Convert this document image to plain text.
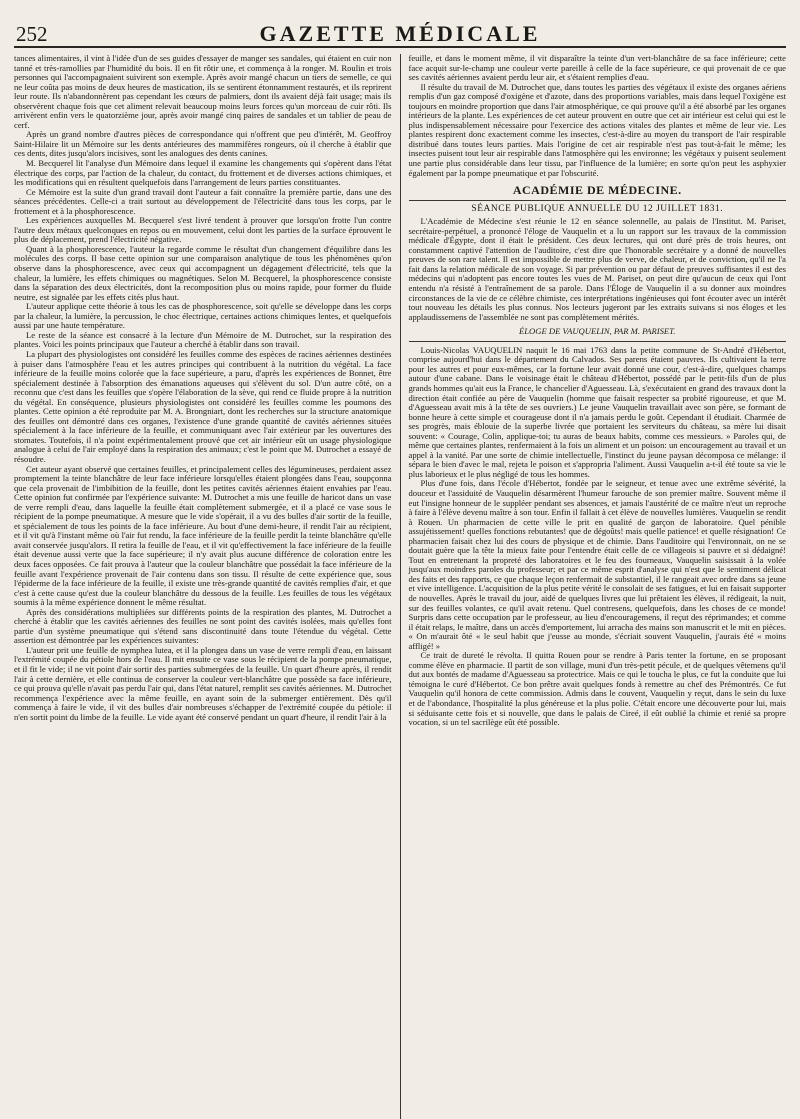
252	GAZETTE MÉDICALE

tances alimentaires, il vint à l'idée d'un de ses guides d'essayer de manger ses sandales, qui étaient en cuir non tanné et très-ramollies par l'humidité du bois. Il en fit rôtir une, et commença à la ronger. M. Roulin et trois personnes qui l'accompagnaient suivirent son exemple. Après avoir mangé chacun un tiers de semelle, ce qui ne leur coûta pas moins de deux heures de mastication, ils se sentirent étonnamment restaurés, et ils reprirent leur route. Ils n'abandonnèrent pas cependant les cœurs de palmiers, dont ils avaient déjà fait usage; mais ils observèrent chaque fois que cet aliment relevait beaucoup moins leurs forces qu'un morceau de cuir rôti. Ils arrivèrent enfin vers le quatorzième jour, après avoir mangé cinq paires de sandales et un tablier de peau de cerf.

Après un grand nombre d'autres pièces de correspondance qui n'offrent que peu d'intérêt, M. Geoffroy Saint-Hilaire lit un Mémoire sur les dents antérieures des mammifères rongeurs, où il cherche à établir que ces dents, dites jusqu'alors incisives, sont les analogues des dents canines.

M. Becquerel lit l'analyse d'un Mémoire dans lequel il examine les changements qui s'opèrent dans l'état électrique des corps, par l'action de la chaleur, du contact, du frottement et de diverses actions chimiques, et les modifications qui en résultent quelquefois dans l'arrangement de leurs parties constituantes.

Ce Mémoire est la suite d'un grand travail dont l'auteur a fait connaître la première partie, dans une des séances précédentes. Celle-ci a trait surtout au développement de l'électricité dans tous les corps, par le frottement et à la phosphorescence.

Les expériences auxquelles M. Becquerel s'est livré tendent à prouver que lorsqu'on frotte l'un contre l'autre deux métaux quelconques en repos ou en mouvement, celui dont les parties de la surface éprouvent le plus de déplacement, prend l'électricité négative.

Quant à la phosphorescence, l'auteur la regarde comme le résultat d'un changement d'équilibre dans les molécules des corps. Il base cette opinion sur une comparaison analytique de tous les phénomènes qu'on observe dans la phosphorescence, avec ceux qui accompagnent un dégagement d'électricité, tels que la chaleur, la lumière, les effets chimiques ou magnétiques. Selon M. Becquerel, la phosphorescence consiste dans la séparation des deux électricités, dont la recomposition plus ou moins rapide, pour former du fluide neutre, est signalée par les effets cités plus haut.

L'auteur applique cette théorie à tous les cas de phosphorescence, soit qu'elle se développe dans les corps par la chaleur, la lumière, la percussion, le choc électrique, certaines actions chimiques lentes, et quelquefois aussi par une haute température.

Le reste de la séance est consacré à la lecture d'un Mémoire de M. Dutrochet, sur la respiration des plantes. Voici les points principaux que l'auteur a cherché à établir dans son travail.

La plupart des physiologistes ont considéré les feuilles comme des espèces de racines aériennes destinées à puiser dans l'atmosphère l'eau et les autres principes qui contribuent à la nutrition du végétal. La face inférieure de la feuille moins colorée que la face supérieure, a paru, d'après les expériences de Bonnet, être spécialement destinée à l'absorption des émanations aqueuses qui s'élèvent du sol. D'un autre côté, on a reconnu que c'est dans les feuilles que s'opère l'élaboration de la sève, qui rend ce fluide propre à la nutrition du végétal. En conséquence, plusieurs physiologistes ont considéré les feuilles comme les poumons des plantes. Cette opinion a été reproduite par M. A. Brongniart, dont les recherches sur la structure anatomique des feuilles ont démontré dans ces organes, l'existence d'une grande quantité de cavités aériennes situées spécialement à la face inférieure de la feuille, et communiquant avec l'air extérieur par les ouvertures des stomates. Toutefois, il n'a point expérimentalement prouvé que cet air intérieur eût un usage physiologique analogue à celui de l'air employé dans la respiration des animaux; c'est le point que M. Dutrochet a essayé de résoudre.

Cet auteur ayant observé que certaines feuilles, et principalement celles des légumineuses, perdaient assez promptement la teinte blanchâtre de leur face inférieure lorsqu'elles étaient plongées dans l'eau, soupçonna que cela provenait de l'imbibition de la feuille, dont les petites cavités aériennes étaient envahies par l'eau. Cette opinion fut confirmée par l'expérience suivante: M. Dutrochet a mis une feuille de haricot dans un vase de verre rempli d'eau, dans laquelle la feuille était complètement submergée, et il a placé ce vase sous le récipient de la pompe pneumatique. A mesure que le vide s'opérait, il a vu des bulles d'air sortir de la feuille, et spécialement de tous les points de la face inférieure. Au bout d'une demi-heure, il rendit l'air au récipient, et il vit qu'à l'instant même où l'air fut rendu, la face inférieure de la feuille perdit la teinte blanchâtre qu'elle avait conservée jusqu'alors. Il retira la feuille de l'eau, et il vit qu'effectivement la face inférieure de la feuille était devenue aussi verte que la face supérieure; il n'y avait plus aucune différence de coloration entre les deux faces opposées. Ce fait prouva à l'auteur que la couleur blanchâtre que possédait la face inférieure de la feuille avant l'expérience provenait de l'air contenu dans son tissu. Il résulte de cette expérience que, sous l'épiderme de la face inférieure de la feuille, il existe une très-grande quantité de cavités remplies d'air, et que c'est à cette cause qu'est due la couleur blanchâtre du dessous de la feuille. Les feuilles de tous les végétaux soumis à la même expérience donnent le même résultat.

Après des considérations multipliées sur différents points de la respiration des plantes, M. Dutrochet a cherché à établir que les cavités aériennes des feuilles ne sont point des cavités isolées, mais qu'elles font partie d'un système pneumatique qui s'étend sans discontinuité dans toute l'étendue du végétal. Cette assertion est démontrée par les expériences suivantes:

L'auteur prit une feuille de nymphea lutea, et il la plongea dans un vase de verre rempli d'eau, en laissant l'extrémité coupée du pétiole hors de l'eau. Il mit ensuite ce vase sous le récipient de la pompe pneumatique, et il fit le vide; il ne vit point d'air sortir des parties submergées de la feuille. Un quart d'heure après, il rendit l'air à cette dernière, et elle continua de conserver la couleur vert-blanchâtre que possède sa face inférieure, ce qui prouva qu'elle n'avait pas perdu l'air qui, dans l'état naturel, remplit ses cavités aériennes. M. Dutrochet recommença l'expérience avec la même feuille, en ayant soin de la submerger entièrement. Dès qu'il commença à faire le vide, il vit des bulles d'air nombreuses s'échapper de l'extrémité coupée du pétiole: il n'en sortit point du limbe de la feuille. Le vide ayant été conservé pendant un quart d'heure, il rendit l'air à la

feuille, et dans le moment même, il vit disparaître la teinte d'un vert-blanchâtre de sa face inférieure; cette face acquit sur-le-champ une couleur verte pareille à celle de la face supérieure, ce qui provenait de ce que ses cavités aériennes avaient perdu leur air, et s'étaient remplies d'eau.

Il résulte du travail de M. Dutrochet que, dans toutes les parties des végétaux il existe des organes aériens remplis d'un gaz composé d'oxigène et d'azote, dans des proportions variables, mais dans lequel l'oxigène est toujours en moindre proportion que dans l'air atmosphérique, ce qui prouve qu'il a été absorbé par les organes intérieurs de la plante. Les expériences de cet auteur prouvent en outre que cet air intérieur est celui qui est le plus indispensablement nécessaire pour l'exercice des actions vitales des plantes et même de leur vie. Les plantes respirent donc exactement comme les insectes, c'est-à-dire au moyen du transport de l'air respirable distribué dans toutes leurs parties. Mais l'origine de cet air respirable n'est pas tout-à-fait le même; les insectes puisent tout leur air respirable dans l'atmosphère qui les environne; les végétaux y puisent seulement une partie plus considérable dans leur tissu, par l'influence de la lumière; en sorte qu'on peut les asphyxier également par la pompe pneumatique et par l'obscurité.

ACADÉMIE DE MÉDECINE.
SÉANCE PUBLIQUE ANNUELLE DU 12 JUILLET 1831.

L'Académie de Médecine s'est réunie le 12 en séance solennelle, au palais de l'Institut. M. Pariset, secrétaire-perpétuel, a prononcé l'éloge de Vauquelin et a lu un rapport sur les travaux de la commission médicale d'Égypte, dont il était le président. Ces deux lectures, qui ont duré près de trois heures, ont constamment captivé l'attention de l'auditoire, c'est dire que l'honorable secrétaire y a donné de nouvelles preuves de son rare talent. Il est impossible de mettre plus de verve, de chaleur, et de conviction, qu'il ne l'a fait dans la relation médicale de son voyage. Si par prévention ou par défaut de preuves suffisantes il est des médecins qui n'adoptent pas encore toutes les vues de M. Pariset, on peut dire qu'aucun de ceux qui l'ont entendu n'a résisté à l'entraînement de sa parole. Dans l'Éloge de Vauquelin il a su donner aux moindres circonstances de la vie de ce célèbre chimiste, ces interprétations ingénieuses qui font écouter avec un intérêt tout nouveau les détails les plus connus. Nos lecteurs jugeront par les extraits suivans si nos éloges et les applaudissemens de l'assemblée ne sont pas complètement mérités.

ÉLOGE DE VAUQUELIN, PAR M. PARISET.

Louis-Nicolas VAUQUELIN naquit le 16 mai 1763 dans la petite commune de St-André d'Hébertot, comprise aujourd'hui dans le département du Calvados. Ses parens étaient pauvres. Ils cultivaient la terre pour les autres et pour eux-mêmes, car la fortune leur avait donné une cour, c'est-à-dire, quelques champs autour d'une cabane. Dans le voisinage était le château d'Hébertot, possédé par le petit-fils d'un de plus grands hommes qu'ait eus la France, le chancelier d'Aguesseau. Là, s'exécutaient en grand des travaux dont la direction était confiée au père de Vauquelin (homme que faisait respecter sa probité rigoureuse, et que M. d'Aguesseau avait mis à la tête de ses ouvriers.) Le jeune Vauquelin travaillait avec son père, se formant de bonne heure à cette simple et courageuse dont il n'a jamais perdu le goût. Cependant il étudiait. Charmée de ses progrès, mais éblouie de la superbe livrée que portaient les serviteurs du château, sa mère lui disait souvent: « Courage, Colin, applique-toi; tu auras de beaux habits, comme ces messieurs. » Paroles qui, de même que certaines plantes, renfermaient à la fois un aliment et un poison: un encouragement au travail et un appel à la vanité. Par une sorte de chimie intellectuelle, l'instinct du jeune paysan décomposa ce mélange: il sépara le bien d'avec le mal, rejeta le poison et s'appropria l'aliment. Aussi Vauquelin a-t-il été toute sa vie le plus laborieux et le plus négligé de tous les hommes.

Plus d'une fois, dans l'école d'Hébertot, fondée par le seigneur, et tenue avec une extrême sévérité, la douceur et l'assiduité de Vauquelin désarmèrent l'humeur farouche de son premier maître. Souvent même il eut l'insigne honneur de le suppléer pendant ses absences, et jamais l'austérité de ce maître n'eut un reproche à faire à l'élève devenu maître à son tour. Enfin il fallait à cet élève de nouvelles lumières. Vauquelin se rendit à Rouen. Un pharmacien de cette ville le prit en qualité de garçon de laboratoire. Quel pénible assujétissement! quelles fonctions rebutantes! que de dégoûts! mais quelle patience! et quelle résignation! Ce pharmacien faisait chez lui des cours de physique et de chimie. Dans l'auditoire qui l'environnait, on ne se doutait guère que la tête la mieux faite pour l'entendre était celle de ce villageois si pauvre et si dédaigné! Tout en entretenant la propreté des laboratoires et le feu des fourneaux, Vauquelin saisissait à la volée jusqu'aux moindres paroles du professeur; et par ce même esprit d'analyse qui n'est que le sentiment délicat des faits et des rapports, ce que chaque leçon renfermait de substantiel, il le rangeait avec ordre dans sa jeune et vive intelligence. L'acquisition de la plus petite vérité le consolait de ses fatigues, et lui en faisait supporter de nouvelles. Après le travail du jour, aidé de quelques livres que lui prêtaient les élèves, il rédigeait, la nuit, sur des feuilles volantes, ce qu'il avait retenu. Quel contresens, quelquefois, dans les choses de ce monde! Surpris dans cette occupation par le professeur, au lieu d'encouragemens, il reçut des réprimandes; et comme il était relaps, le maître, dans un accès d'emportement, lui arracha des mains son manuscrit et le mit en pièces. « On m'aurait ôté « le seul habit que j'eusse au monde, s'écriait souvent Vauquelin, j'aurais été « moins affligé! »

Ce trait de dureté le révolta. Il quitta Rouen pour se rendre à Paris tenter la fortune, en se proposant comme élève en pharmacie. Il partit de son village, muni d'un très-petit pécule, et de quelques vêtemens qu'il dut aux bontés de madame d'Aguesseau sa protectrice. Mais ce qui le toucha le plus, ce fut la conduite que lui témoigna le curé d'Hébertot. Ce bon prêtre avait quelques fonds à remettre au chef des Prémontrés. Ce fut Vauquelin qu'il honora de cette commission. Admis dans le couvent, Vauquelin y reçut, dans le sein du luxe et de l'abondance, l'hospitalité la plus généreuse et la plus polie. C'était encore une découverte pour lui, mais si séduisante cette fois et si nouvelle, que dans le palais de Cireé, il eût oublié la chimie et renié sa propre vocation, si un tel sacrilège eût été possible.
